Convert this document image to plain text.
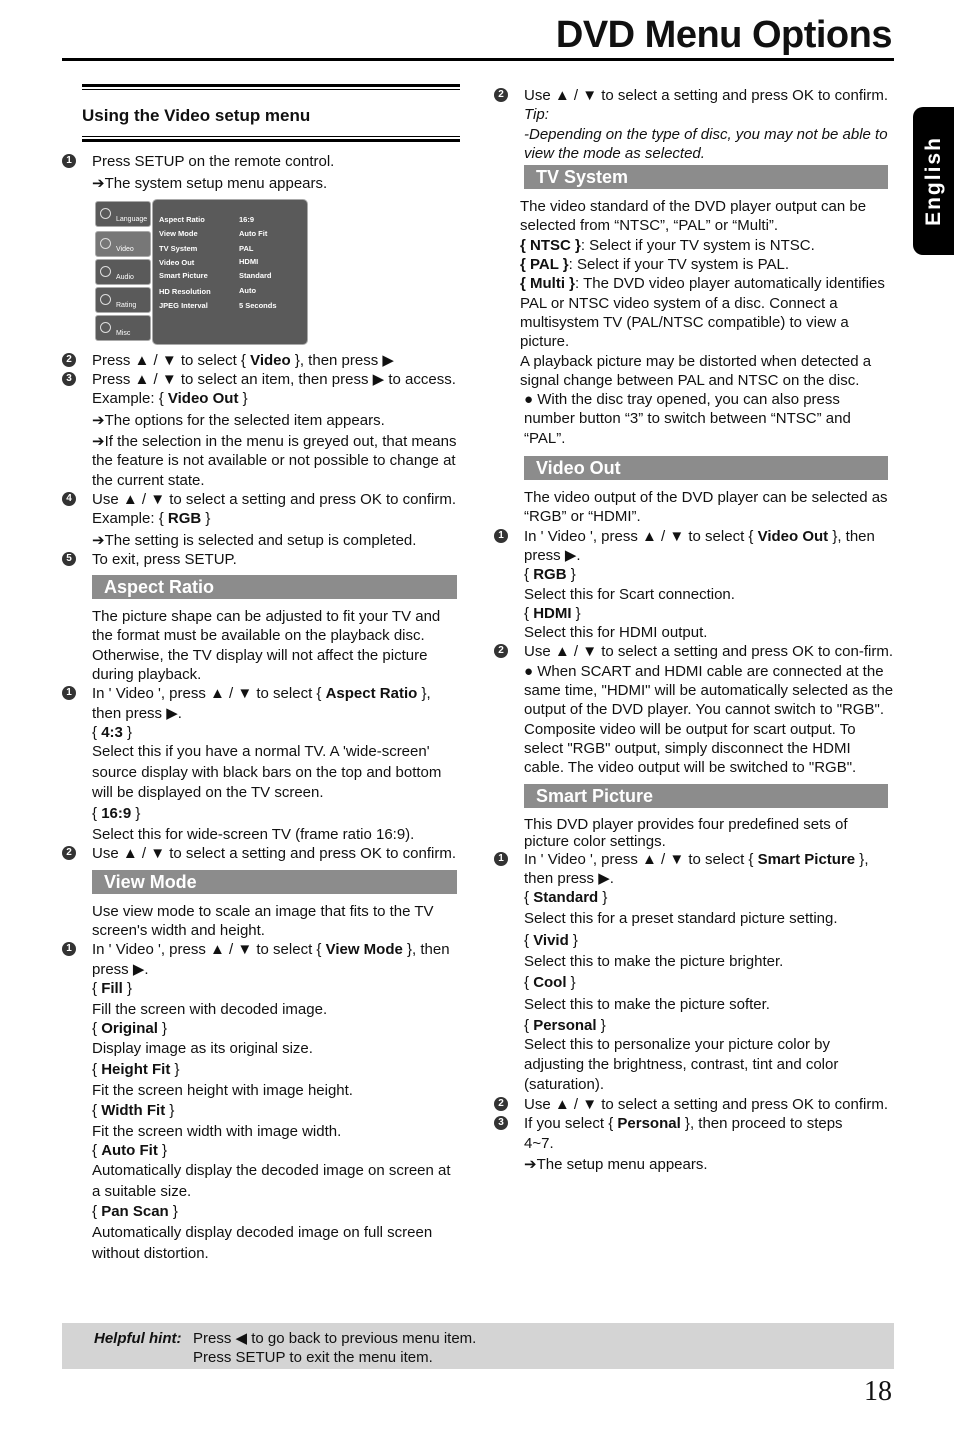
DVD Menu Options
English
Using the Video setup menu

1 Press SETUP on the remote control.

➔The system setup menu appears.

Language
Video
Audio
Rating
Misc
Aspect Ratio	16:9
View Mode	Auto Fit
TV System	PAL
Video Out	HDMI
Smart Picture	Standard
HD Resolution	Auto
JPEG Interval	5 Seconds

2 Press ▲ / ▼ to select { Video }, then press ▶

3 Press ▲ / ▼ to select an item, then press ▶ to access.

Example: { Video Out }

➔The options for the selected item appears.

➔If the selection in the menu is greyed out, that means the feature is not available or not possible to change at the current state.

4 Use ▲ / ▼ to select a setting and press OK to confirm.

Example: { RGB }

➔The setting is selected and setup is completed.

5 To exit, press SETUP.

Aspect Ratio

The picture shape can be adjusted to fit your TV and the format must be available on the playback disc. Otherwise, the TV display will not affect the picture during playback.

1 In ' Video ', press ▲ / ▼ to select { Aspect Ratio }, then press ▶.

{ 4:3 }

Select this if you have a normal TV. A 'wide-screen' source display with black bars on the top and bottom will be displayed on the TV screen.

{ 16:9 }

Select this for wide-screen TV (frame ratio 16:9).

2 Use ▲ / ▼ to select a setting and press OK to confirm.

View Mode

Use view mode to scale an image that fits to the TV screen's width and height.

1 In ' Video ', press ▲ / ▼ to select { View Mode }, then press ▶.

{ Fill }

Fill the screen with decoded image.

{ Original }

Display image as its original size.

{ Height Fit }

Fit the screen height with image height.

{ Width Fit }

Fit the screen width with image width.

{ Auto Fit }

Automatically display the decoded image on screen at a suitable size.

{ Pan Scan }

Automatically display decoded image on full screen without distortion.

2 Use ▲ / ▼ to select a setting and press OK to confirm.

Tip:

-Depending on the type of disc, you may not be able to view the mode as selected.

TV System

The video standard of the DVD player output can be selected from “NTSC”, “PAL” or “Multi”.

{ NTSC }: Select if your TV system is NTSC.

{ PAL }: Select if your TV system is PAL.

{ Multi }: The DVD video player automatically identifies PAL or NTSC video system of a disc. Connect a multisystem TV (PAL/NTSC compatible) to view a picture.

A playback picture may be distorted when detected a signal change between PAL and NTSC on the disc.

● With the disc tray opened, you can also press number button “3” to switch between “NTSC” and “PAL”.

Video Out

The video output of the DVD player can be selected as “RGB” or “HDMI”.

1 In ' Video ', press ▲ / ▼ to select { Video Out }, then press ▶.

{ RGB }

Select this for Scart connection.

{ HDMI }

Select this for HDMI output.

2 Use ▲ / ▼ to select a setting and press OK to con-firm.

● When SCART and HDMI cable are connected at the same time, "HDMI" will be automatically selected as the output of the DVD player. You cannot switch to "RGB". Composite video will be output for scart output. To select "RGB" output, simply disconnect the HDMI cable. The video output will be switched to "RGB".

Smart Picture

This DVD player provides four predefined sets of picture color settings.

1 In ' Video ', press ▲ / ▼ to select { Smart Picture }, then press ▶.

{ Standard }

Select this for a preset standard picture setting.

{ Vivid }

Select this to make the picture brighter.

{ Cool }

Select this to make the picture softer.

{ Personal }

Select this to personalize your picture color by adjusting the brightness, contrast, tint and color (saturation).

2 Use ▲ / ▼ to select a setting and press OK to confirm.

3 If you select { Personal }, then proceed to steps

4~7.

➔The setup menu appears.

Helpful hint: Press ◀ to go back to previous menu item.
Press SETUP to exit the menu item.
18
